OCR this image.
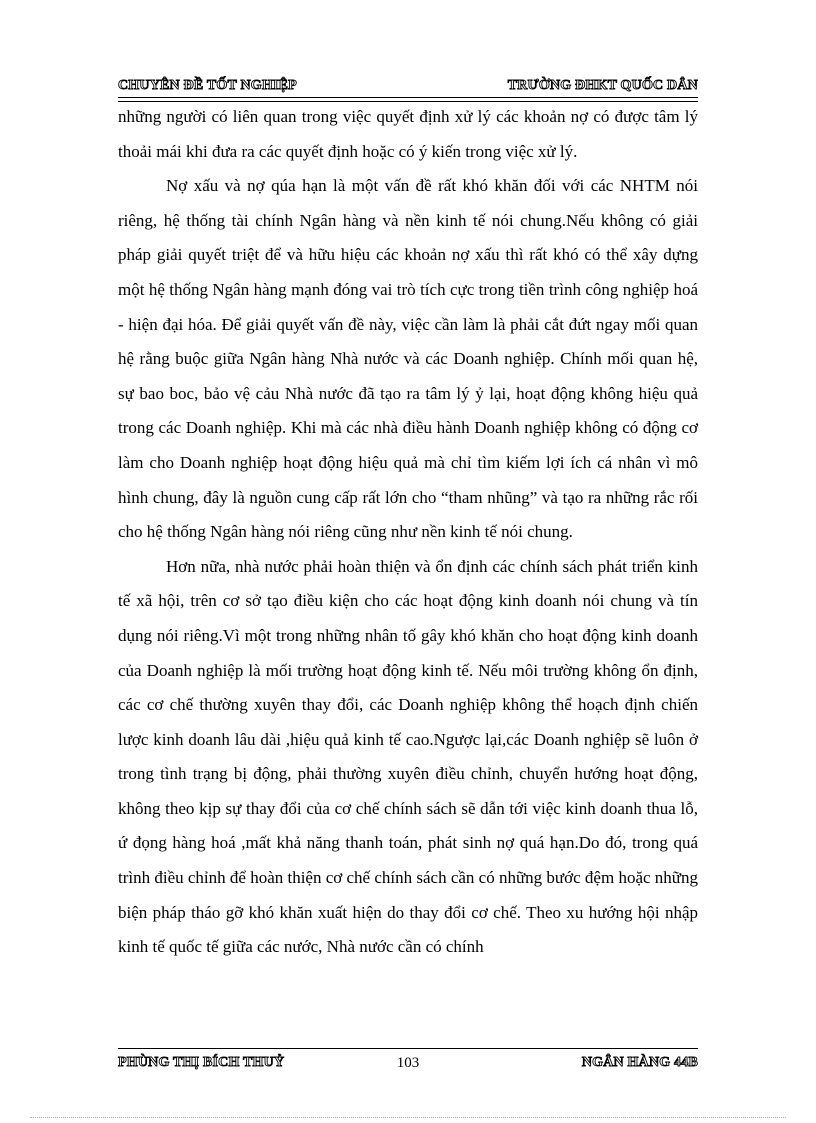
CHUYÊN ĐỀ TỐT NGHIỆP	TRƯỜNG ĐHKT QUỐC DÂN

những người có liên quan trong việc quyết định xử lý các khoản nợ có được tâm lý thoải mái khi đưa ra các quyết định hoặc có ý kiến trong việc xử lý.

Nợ xấu và nợ qúa hạn là một vấn đề rất khó khăn đối với các NHTM nói riêng, hệ thống tài chính Ngân hàng và nền kinh tế nói chung.Nếu không có giải pháp giải quyết triệt để và hữu hiệu các khoản nợ xấu thì rất khó có thể xây dựng một hệ thống Ngân hàng mạnh đóng vai trò tích cực trong tiền trình công nghiệp hoá - hiện đại hóa. Để giải quyết vấn đề này, việc cần làm là phải cắt đứt ngay mối quan hệ rằng buộc giữa Ngân hàng Nhà nước và các Doanh nghiệp. Chính mối quan hệ, sự bao boc, bảo vệ cảu Nhà nước đã tạo ra tâm lý ỷ lại, hoạt động không hiệu quả trong các Doanh nghiệp. Khi mà các nhà điều hành Doanh nghiệp không có động cơ làm cho Doanh nghiệp hoạt động hiệu quả mà chỉ tìm kiếm lợi ích cá nhân vì mô hình chung, đây là nguồn cung cấp rất lớn cho “tham nhũng” và tạo ra những rắc rối cho hệ thống Ngân hàng nói riêng cũng như nền kinh tế nói chung.

Hơn nữa, nhà nước phải hoàn thiện và ổn định các chính sách phát triển kinh tế xã hội, trên cơ sở tạo điều kiện cho các hoạt động kinh doanh nói chung và tín dụng nói riêng.Vì một trong những nhân tố gây khó khăn cho hoạt động kinh doanh của Doanh nghiệp là mối trường hoạt động kinh tế. Nếu môi trường không ổn định, các cơ chế thường xuyên thay đổi, các Doanh nghiệp không thể hoạch định chiến lược kinh doanh lâu dài ,hiệu quả kinh tế cao.Ngược lại,các Doanh nghiệp sẽ luôn ở trong tình trạng bị động, phải thường xuyên điều chỉnh, chuyển hướng hoạt động, không theo kịp sự thay đổi của cơ chế chính sách sẽ dẫn tới việc kinh doanh thua lỗ, ứ đọng hàng hoá ,mất khả năng thanh toán, phát sinh nợ quá hạn.Do đó, trong quá trình điều chỉnh để hoàn thiện cơ chế chính sách cần có những bước đệm hoặc những biện pháp tháo gỡ khó khăn xuất hiện do thay đổi cơ chế. Theo xu hướng hội nhập kinh tế quốc tế giữa các nước, Nhà nước cần có chính

PHÙNG THỊ BÍCH THUỶ	103	NGÂN HÀNG 44B
